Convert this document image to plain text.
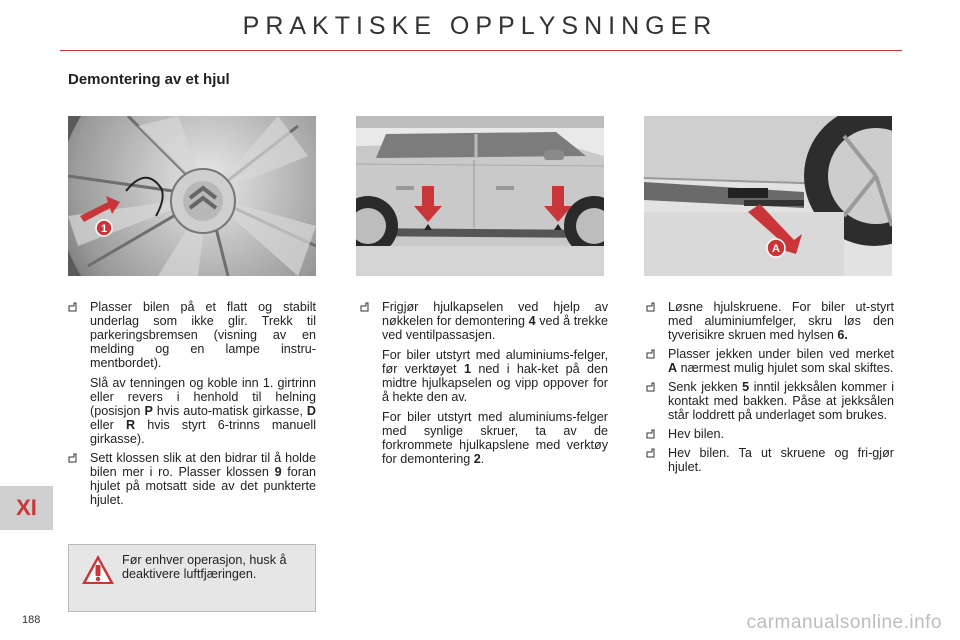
PRAKTISKE OPPLYSNINGER
Demontering av et hjul
1
A
Plasser bilen på et flatt og stabilt underlag som ikke glir. Trekk til parkeringsbremsen (visning av en melding og en lampe instru-mentbordet).
Slå av tenningen og koble inn 1. girtrinn eller revers i henhold til helning (posisjon P hvis auto-matisk girkasse, D eller R hvis styrt 6-trinns manuell girkasse).
Sett klossen slik at den bidrar til å holde bilen mer i ro. Plasser klossen 9 foran hjulet på motsatt side av det punkterte hjulet.
Frigjør hjulkapselen ved hjelp av nøkkelen for demontering 4 ved å trekke ved ventilpassasjen.
For biler utstyrt med aluminiums-felger, før verktøyet 1 ned i hak-ket på den midtre hjulkapselen og vipp oppover for å hekte den av.
For biler utstyrt med aluminiums-felger med synlige skruer, ta av de forkrommete hjulkapslene med verktøy for demontering 2.
Løsne hjulskruene. For biler ut-styrt med aluminiumfelger, skru løs den tyverisikre skruen med hylsen 6.
Plasser jekken under bilen ved merket A nærmest mulig hjulet som skal skiftes.
Senk jekken 5 inntil jekksålen kommer i kontakt med bakken. Påse at jekksålen står loddrett på underlaget som brukes.
Hev bilen.
Hev bilen. Ta ut skruene og fri-gjør hjulet.
XI
Før enhver operasjon, husk å deaktivere luftfjæringen.
188	carmanualsonline.info
